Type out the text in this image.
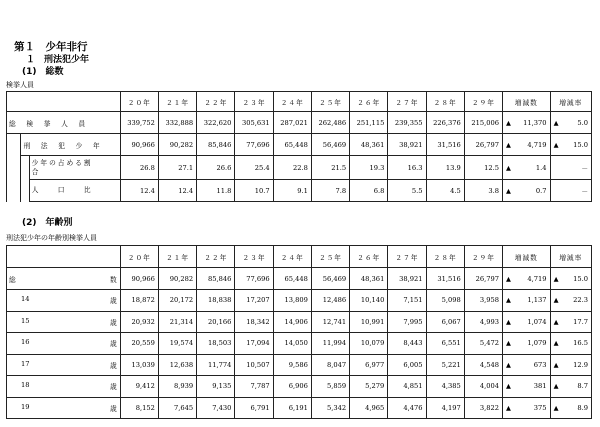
第１　少年非行
１　刑法犯少年
(1)　総数
検挙人員
			２０年	２１年	２２年	２３年	２４年	２５年	２６年	２７年	２８年	２９年	増減数	増減率
総　検　挙　人　員			339,752	332,888	322,620	305,631	287,021	262,486	251,115	239,355	226,376	215,006	▲ 11,370	▲ 5.0
	刑　法　犯　少　年		90,966	90,282	85,846	77,696	65,448	56,469	48,361	38,921	31,516	26,797	▲ 4,719	▲ 15.0
		少年の占める割　　　　合	26.8	27.1	26.6	25.4	22.8	21.5	19.3	16.3	13.9	12.5	▲ 1.4	－
		人　　口　　比	12.4	12.4	11.8	10.7	9.1	7.8	6.8	5.5	4.5	3.8	▲ 0.7	－
(2)　年齢別
刑法犯少年の年齢別検挙人員
	２０年	２１年	２２年	２３年	２４年	２５年	２６年	２７年	２８年	２９年	増減数	増減率

総 数	90,966	90,282	85,846	77,696	65,448	56,469	48,361	38,921	31,516	26,797	▲ 4,719	▲ 15.0

14 歳	18,872	20,172	18,838	17,207	13,809	12,486	10,140	7,151	5,098	3,958	▲ 1,137	▲ 22.3

15 歳	20,932	21,314	20,166	18,342	14,906	12,741	10,991	7,995	6,067	4,993	▲ 1,074	▲ 17.7

16 歳	20,559	19,574	18,503	17,094	14,050	11,994	10,079	8,443	6,551	5,472	▲ 1,079	▲ 16.5

17 歳	13,039	12,638	11,774	10,507	9,586	8,047	6,977	6,005	5,221	4,548	▲ 673	▲ 12.9

18 歳	9,412	8,939	9,135	7,787	6,906	5,859	5,279	4,851	4,385	4,004	▲ 381	▲ 8.7

19 歳	8,152	7,645	7,430	6,791	6,191	5,342	4,965	4,476	4,197	3,822	▲ 375	▲ 8.9
